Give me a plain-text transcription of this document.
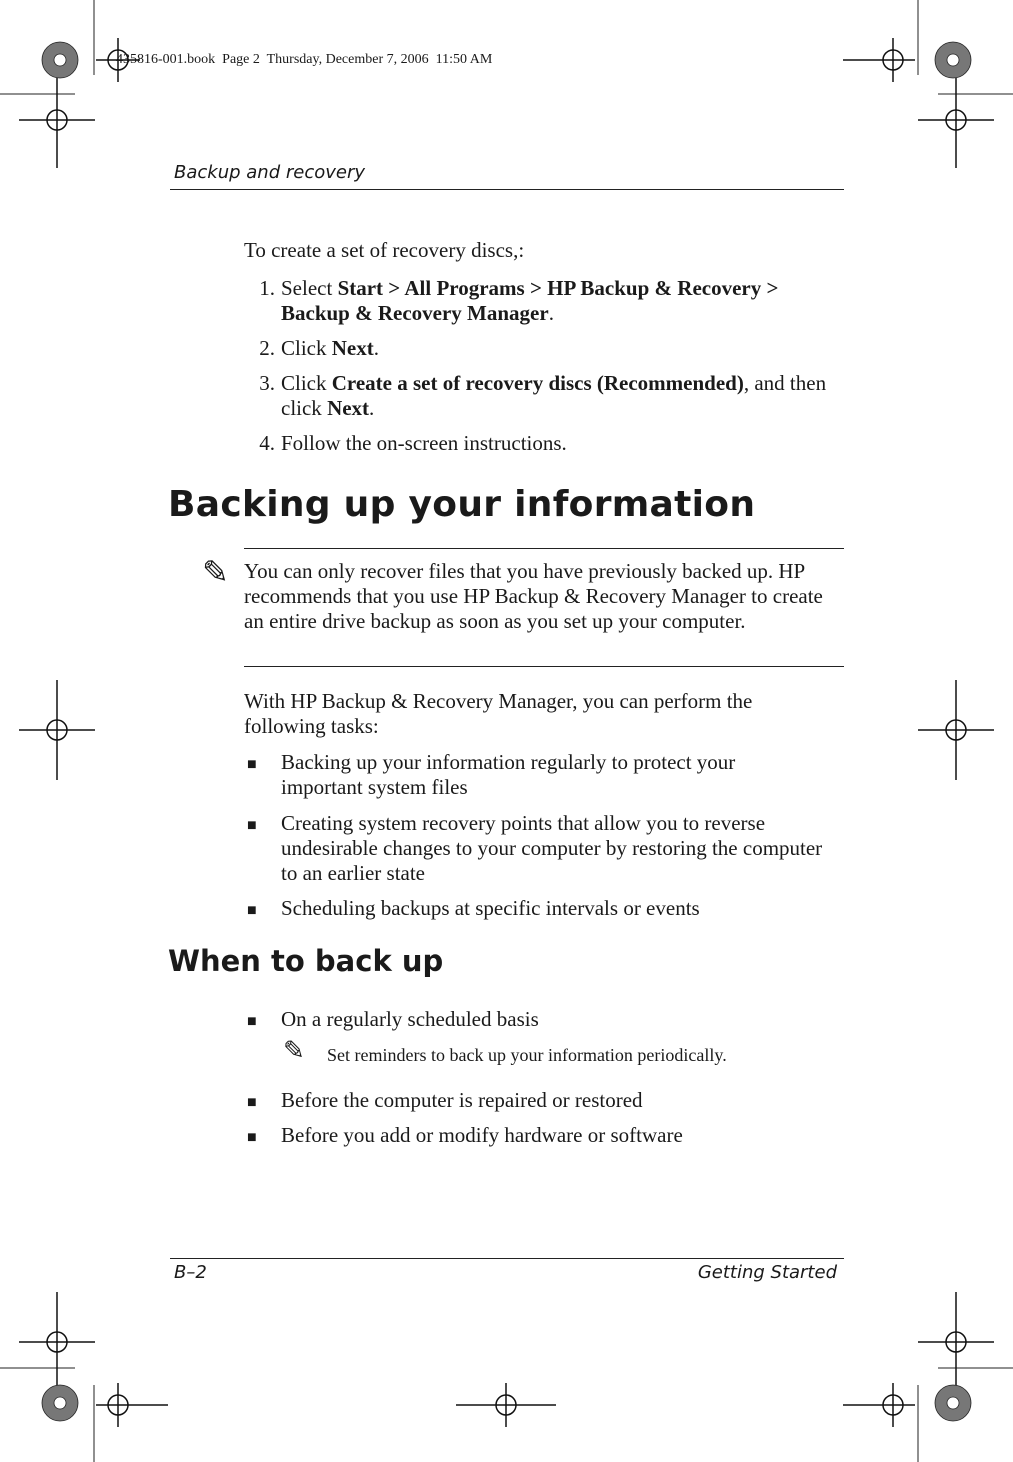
435816-001.book  Page 2  Thursday, December 7, 2006  11:50 AM
Backup and recovery
To create a set of recovery discs,:
1. Select Start > All Programs > HP Backup & Recovery > Backup & Recovery Manager.
2. Click Next.
3. Click Create a set of recovery discs (Recommended), and then click Next.
4. Follow the on-screen instructions.
Backing up your information
✎ You can only recover files that you have previously backed up. HP recommends that you use HP Backup & Recovery Manager to create an entire drive backup as soon as you set up your computer.
With HP Backup & Recovery Manager, you can perform the following tasks:
■ Backing up your information regularly to protect your important system files
■ Creating system recovery points that allow you to reverse undesirable changes to your computer by restoring the computer to an earlier state
■ Scheduling backups at specific intervals or events
When to back up
■ On a regularly scheduled basis
✎ Set reminders to back up your information periodically.
■ Before the computer is repaired or restored
■ Before you add or modify hardware or software
B–2	Getting Started
